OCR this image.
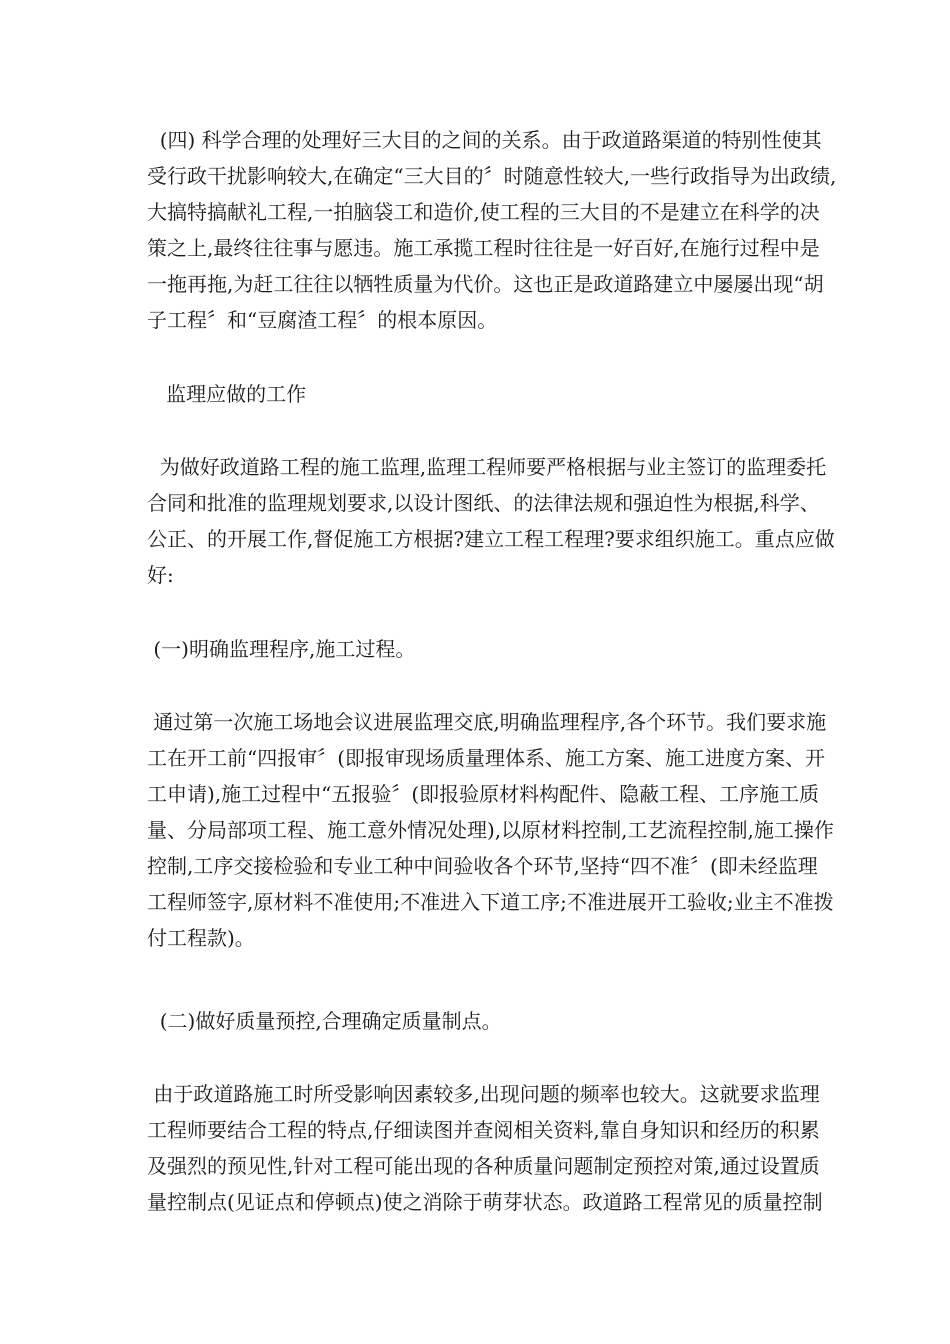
(四) 科学合理的处理好三大目的之间的关系。由于政道路渠道的特别性使其
受行政干扰影响较大,在确定“三大目的〞时随意性较大,一些行政指导为出政绩,
大搞特搞献礼工程,一拍脑袋工和造价,使工程的三大目的不是建立在科学的决
策之上,最终往往事与愿违。施工承揽工程时往往是一好百好,在施行过程中是
一拖再拖,为赶工往往以牺牲质量为代价。这也正是政道路建立中屡屡出现“胡
子工程〞和“豆腐渣工程〞的根本原因。
监理应做的工作
为做好政道路工程的施工监理,监理工程师要严格根据与业主签订的监理委托
合同和批准的监理规划要求,以设计图纸、的法律法规和强迫性为根据,科学、
公正、的开展工作,督促施工方根据?建立工程工程理?要求组织施工。重点应做
好:
(一)明确监理程序,施工过程。
通过第一次施工场地会议进展监理交底,明确监理程序,各个环节。我们要求施
工在开工前“四报审〞(即报审现场质量理体系、施工方案、施工进度方案、开
工申请),施工过程中“五报验〞(即报验原材料构配件、隐蔽工程、工序施工质
量、分局部项工程、施工意外情况处理),以原材料控制,工艺流程控制,施工操作
控制,工序交接检验和专业工种中间验收各个环节,坚持“四不准〞(即未经监理
工程师签字,原材料不准使用;不准进入下道工序;不准进展开工验收;业主不准拨
付工程款)。
(二)做好质量预控,合理确定质量制点。
由于政道路施工时所受影响因素较多,出现问题的频率也较大。这就要求监理
工程师要结合工程的特点,仔细读图并查阅相关资料,靠自身知识和经历的积累
及强烈的预见性,针对工程可能出现的各种质量问题制定预控对策,通过设置质
量控制点(见证点和停顿点)使之消除于萌芽状态。政道路工程常见的质量控制
